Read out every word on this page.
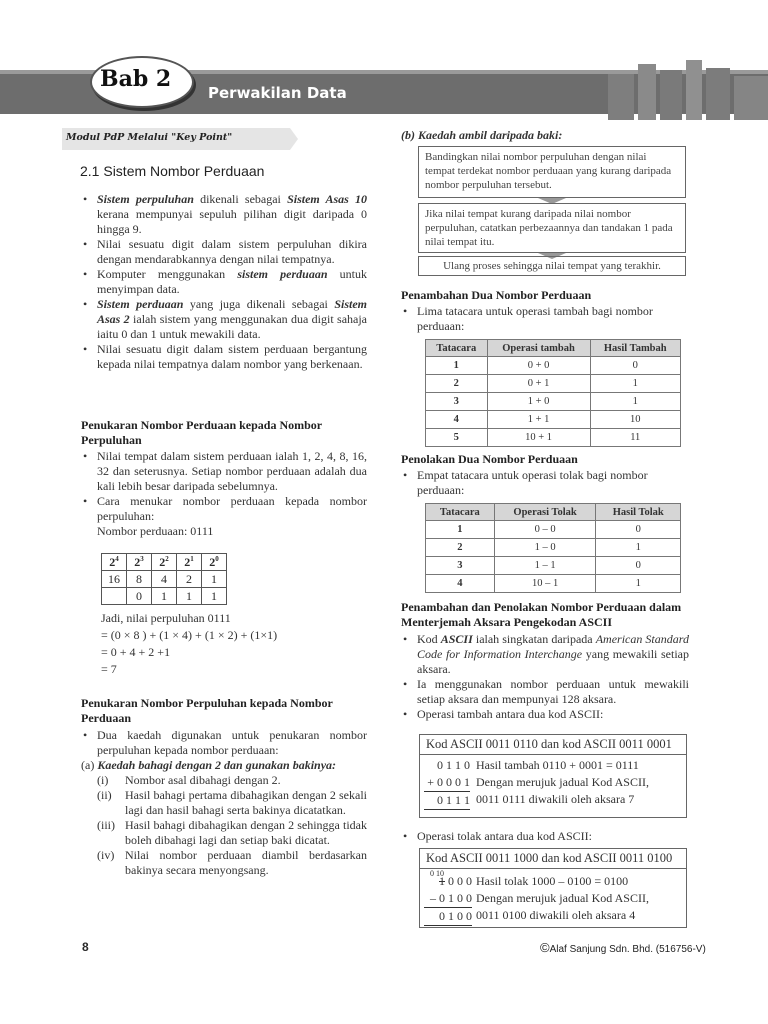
Bab 2
Perwakilan Data
Modul PdP Melalui "Key Point"
2.1 Sistem Nombor Perduaan
• Sistem perpuluhan dikenali sebagai Sistem Asas 10 kerana mempunyai sepuluh pilihan digit daripada 0 hingga 9.
• Nilai sesuatu digit dalam sistem perpuluhan dikira dengan mendarabkannya dengan nilai tempatnya.
• Komputer menggunakan sistem perduaan untuk menyimpan data.
• Sistem perduaan yang juga dikenali sebagai Sistem Asas 2 ialah sistem yang menggunakan dua digit sahaja iaitu 0 dan 1 untuk mewakili data.
• Nilai sesuatu digit dalam sistem perduaan bergantung kepada nilai tempatnya dalam nombor yang berkenaan.
Penukaran Nombor Perduaan kepada Nombor Perpuluhan
• Nilai tempat dalam sistem perduaan ialah 1, 2, 4, 8, 16, 32 dan seterusnya. Setiap nombor perduaan adalah dua kali lebih besar daripada sebelumnya.
• Cara menukar nombor perduaan kepada nombor perpuluhan:
Nombor perduaan: 0111
$2^4$	$2^3$	$2^2$	$2^1$	$2^0$
16	8	4	2	1
	0	1	1	1
Jadi, nilai perpuluhan 0111
= (0 × 8 ) + (1 × 4) + (1 × 2) + (1×1)
= 0 + 4 + 2 +1
= 7
Penukaran Nombor Perpuluhan kepada Nombor Perduaan
• Dua kaedah digunakan untuk penukaran nombor perpuluhan kepada nombor perduaan:
(a) Kaedah bahagi dengan 2 dan gunakan bakinya:
(i) Nombor asal dibahagi dengan 2.
(ii) Hasil bahagi pertama dibahagikan dengan 2 sekali lagi dan hasil bahagi serta bakinya dicatatkan.
(iii) Hasil bahagi dibahagikan dengan 2 sehingga tidak boleh dibahagi lagi dan setiap baki dicatat.
(iv) Nilai nombor perduaan diambil berdasarkan bakinya secara menyongsang.
(b) Kaedah ambil daripada baki:
Bandingkan nilai nombor perpuluhan dengan nilai tempat terdekat nombor perduaan yang kurang daripada nombor perpuluhan tersebut.
Jika nilai tempat kurang daripada nilai nombor perpuluhan, catatkan perbezaannya dan tandakan 1 pada nilai tempat itu.
Ulang proses sehingga nilai tempat yang terakhir.
Penambahan Dua Nombor Perduaan
• Lima tatacara untuk operasi tambah bagi nombor perduaan:
Tatacara	Operasi tambah	Hasil Tambah
1	0 + 0	0
2	0 + 1	1
3	1 + 0	1
4	1 + 1	10
5	10 + 1	11
Penolakan Dua Nombor Perduaan
• Empat tatacara untuk operasi tolak bagi nombor perduaan:
Tatacara	Operasi Tolak	Hasil Tolak
1	0 – 0	0
2	1 – 0	1
3	1 – 1	0
4	10 – 1	1
Penambahan dan Penolakan Nombor Perduaan dalam Menterjemah Aksara Pengekodan ASCII
• Kod ASCII ialah singkatan daripada American Standard Code for Information Interchange yang mewakili setiap aksara.
• Ia menggunakan nombor perduaan untuk mewakili setiap aksara dan mempunyai 128 aksara.
• Operasi tambah antara dua kod ASCII:
Kod ASCII 0011 0110 dan kod ASCII 0011 0001
0 1 1 0
+ 0 0 0 1
0 1 1 1
Hasil tambah 0110 + 0001 = 0111
Dengan merujuk jadual Kod ASCII,
0011 0111 diwakili oleh aksara 7
• Operasi tolak antara dua kod ASCII:
Kod ASCII 0011 1000 dan kod ASCII 0011 0100
0 10
1 0 0 0
– 0 1 0 0
0 1 0 0
Hasil tolak 1000 – 0100 = 0100
Dengan merujuk jadual Kod ASCII,
0011 0100 diwakili oleh aksara 4
8	©Alaf Sanjung Sdn. Bhd. (516756-V)
